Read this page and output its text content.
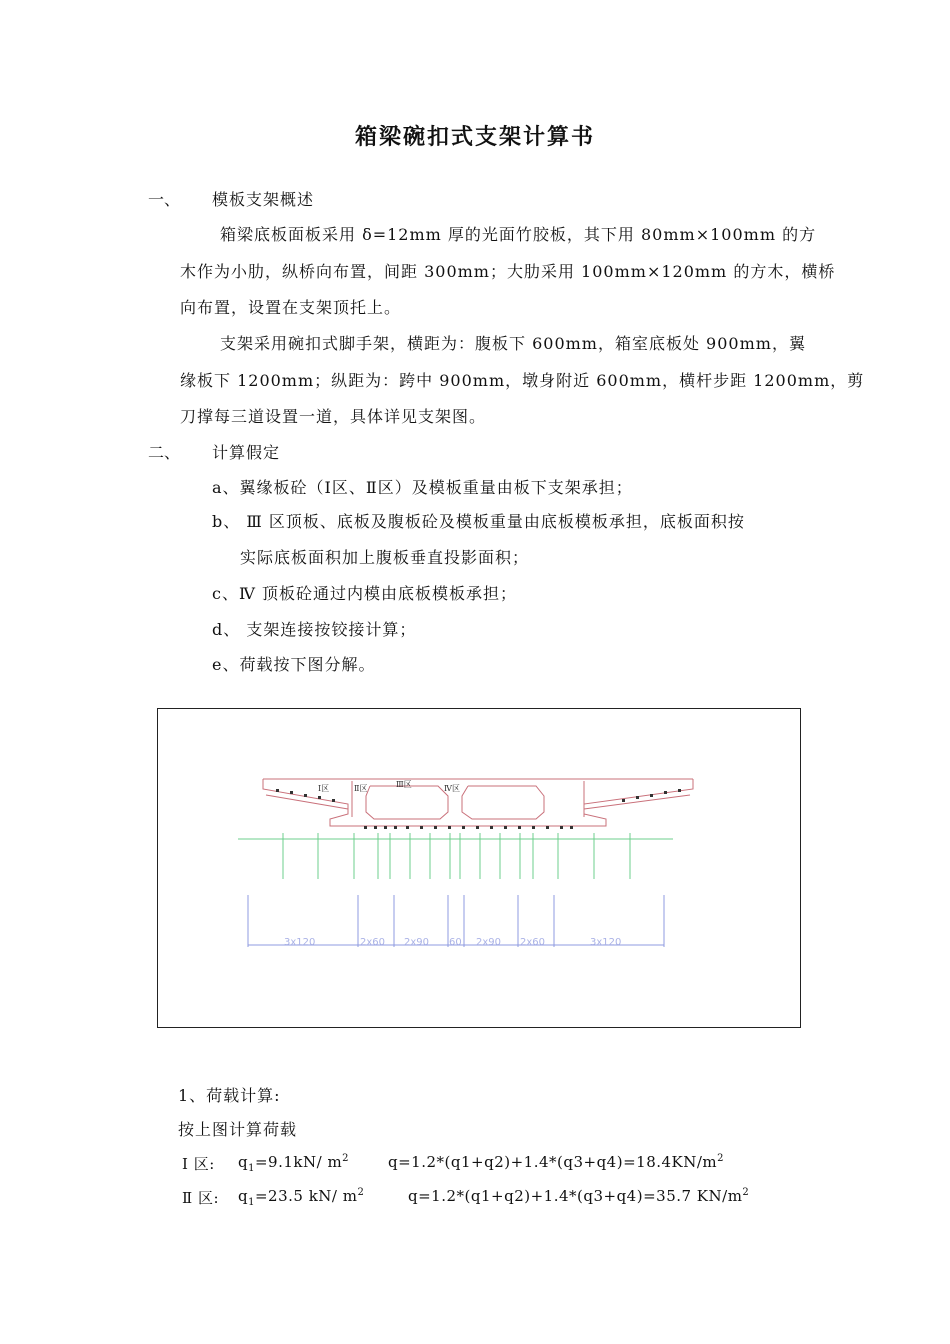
箱梁碗扣式支架计算书
一、 模板支架概述
箱梁底板面板采用 δ=12mm 厚的光面竹胶板，其下用 80mm×100mm 的方
木作为小肋，纵桥向布置，间距 300mm；大肋采用 100mm×120mm 的方木，横桥
向布置，设置在支架顶托上。
支架采用碗扣式脚手架，横距为：腹板下 600mm，箱室底板处 900mm，翼
缘板下 1200mm；纵距为：跨中 900mm，墩身附近 600mm，横杆步距 1200mm，剪
刀撑每三道设置一道，具体详见支架图。
二、 计算假定
a、翼缘板砼（Ⅰ区、Ⅱ区）及模板重量由板下支架承担；
b、 Ⅲ 区顶板、底板及腹板砼及模板重量由底板模板承担，底板面积按
实际底板面积加上腹板垂直投影面积；
c、Ⅳ 顶板砼通过内模由底板模板承担；
d、 支架连接按铰接计算；
e、荷载按下图分解。
Ⅰ区	Ⅱ区	Ⅲ区	Ⅳ区
3x120	2x60 2x90 60 2x90 2x60	3x120
1、荷载计算:
按上图计算荷载
Ⅰ 区: $q_1=9.1kN/$ $m^2$	$q=1.2*(q1+q2)+1.4*(q3+q4)=18.4KN/m^2$
Ⅱ 区: $q_1=23.5$ kN/ $m^2$	q=1.2*(q1+q2)+1.4*(q3+q4)=35.7 $KN/m^2$
